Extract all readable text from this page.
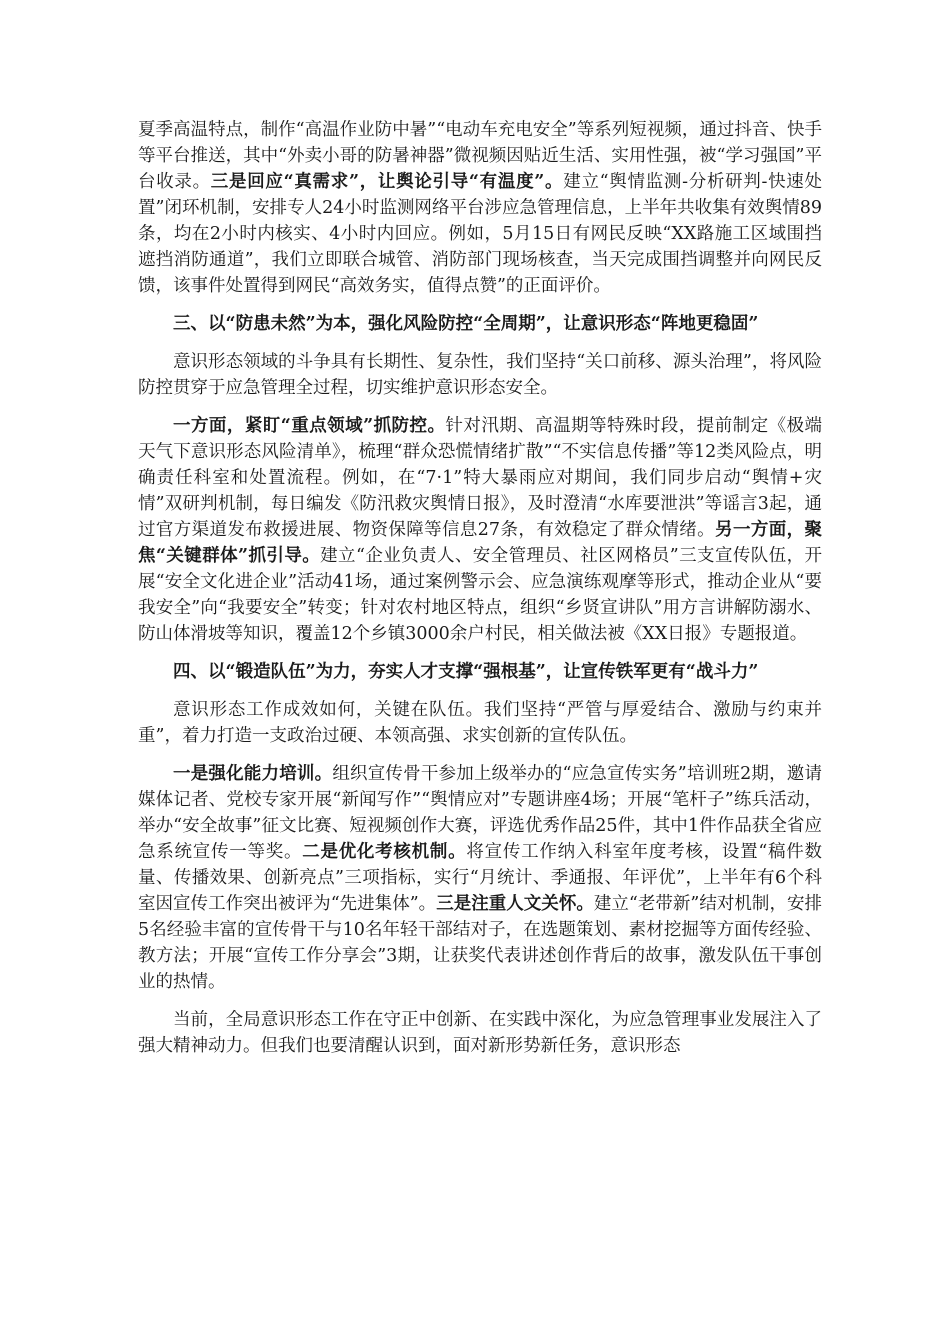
夏季高温特点，制作“高温作业防中暑”“电动车充电安全”等系列短视频，通过抖音、快手等平台推送，其中“外卖小哥的防暑神器”微视频因贴近生活、实用性强，被“学习强国”平台收录。三是回应“真需求”，让舆论引导“有温度”。建立“舆情监测-分析研判-快速处置”闭环机制，安排专人24小时监测网络平台涉应急管理信息，上半年共收集有效舆情89条，均在2小时内核实、4小时内回应。例如，5月15日有网民反映“XX路施工区域围挡遮挡消防通道”，我们立即联合城管、消防部门现场核查，当天完成围挡调整并向网民反馈，该事件处置得到网民“高效务实，值得点赞”的正面评价。

三、以“防患未然”为本，强化风险防控“全周期”，让意识形态“阵地更稳固”

意识形态领域的斗争具有长期性、复杂性，我们坚持“关口前移、源头治理”，将风险防控贯穿于应急管理全过程，切实维护意识形态安全。

一方面，紧盯“重点领域”抓防控。针对汛期、高温期等特殊时段，提前制定《极端天气下意识形态风险清单》，梳理“群众恐慌情绪扩散”“不实信息传播”等12类风险点，明确责任科室和处置流程。例如，在“7·1”特大暴雨应对期间，我们同步启动“舆情+灾情”双研判机制，每日编发《防汛救灾舆情日报》，及时澄清“水库要泄洪”等谣言3起，通过官方渠道发布救援进展、物资保障等信息27条，有效稳定了群众情绪。另一方面，聚焦“关键群体”抓引导。建立“企业负责人、安全管理员、社区网格员”三支宣传队伍，开展“安全文化进企业”活动41场，通过案例警示会、应急演练观摩等形式，推动企业从“要我安全”向“我要安全”转变；针对农村地区特点，组织“乡贤宣讲队”用方言讲解防溺水、防山体滑坡等知识，覆盖12个乡镇3000余户村民，相关做法被《XX日报》专题报道。

四、以“锻造队伍”为力，夯实人才支撑“强根基”，让宣传铁军更有“战斗力”

意识形态工作成效如何，关键在队伍。我们坚持“严管与厚爱结合、激励与约束并重”，着力打造一支政治过硬、本领高强、求实创新的宣传队伍。

一是强化能力培训。组织宣传骨干参加上级举办的“应急宣传实务”培训班2期，邀请媒体记者、党校专家开展“新闻写作”“舆情应对”专题讲座4场；开展“笔杆子”练兵活动，举办“安全故事”征文比赛、短视频创作大赛，评选优秀作品25件，其中1件作品获全省应急系统宣传一等奖。二是优化考核机制。将宣传工作纳入科室年度考核，设置“稿件数量、传播效果、创新亮点”三项指标，实行“月统计、季通报、年评优”，上半年有6个科室因宣传工作突出被评为“先进集体”。三是注重人文关怀。建立“老带新”结对机制，安排5名经验丰富的宣传骨干与10名年轻干部结对子，在选题策划、素材挖掘等方面传经验、教方法；开展“宣传工作分享会”3期，让获奖代表讲述创作背后的故事，激发队伍干事创业的热情。

当前，全局意识形态工作在守正中创新、在实践中深化，为应急管理事业发展注入了强大精神动力。但我们也要清醒认识到，面对新形势新任务，意识形态
